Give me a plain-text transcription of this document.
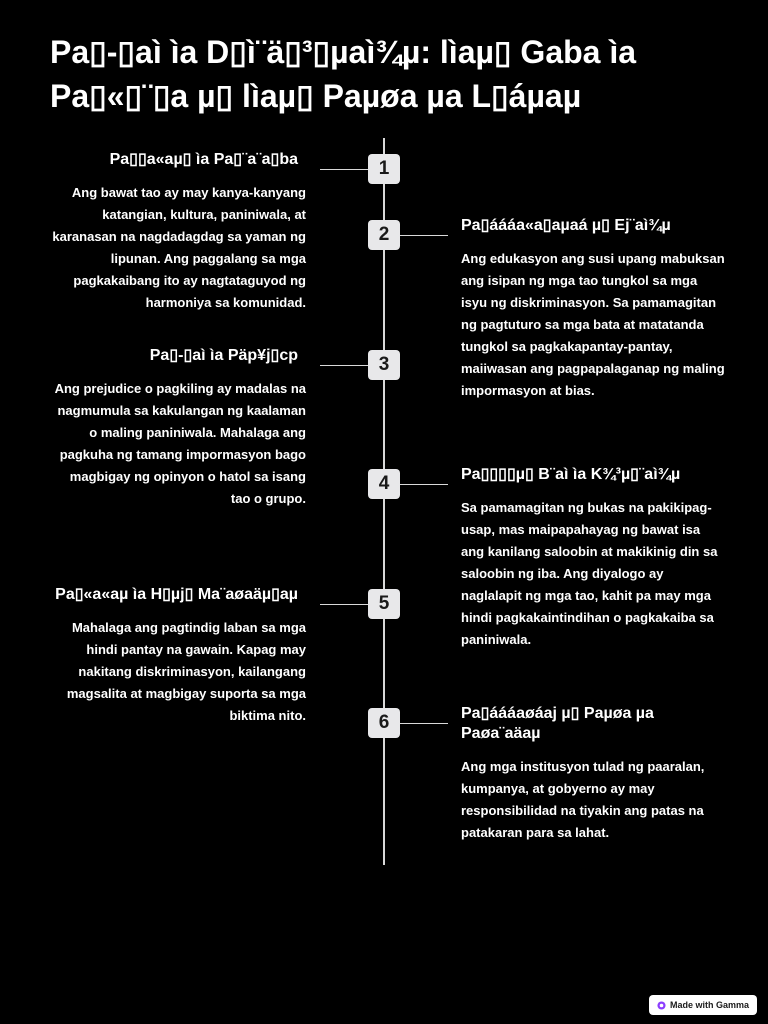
Pa▯-▯aì ìa D▯ì¨ä▯³▯µaì¾µ: lìaµ▯ Gaba ìa Pa▯«▯¨▯a µ▯ lìaµ▯ Paµøa µa L▯áµaµ
1
Pa▯▯a«aµ▯ ìa Pa▯¨a¨a▯ba

Ang bawat tao ay may kanya-kanyang katangian, kultura, paniniwala, at karanasan na nagdadagdag sa yaman ng lipunan. Ang paggalang sa mga pagkakaibang ito ay nagtataguyod ng harmoniya sa komunidad.

2	Pa▯áááa«a▯aµaá µ▯ Ej¨aì¾µ

Ang edukasyon ang susi upang mabuksan ang isipan ng mga tao tungkol sa mga isyu ng diskriminasyon. Sa pamamagitan ng pagtuturo sa mga bata at matatanda tungkol sa pagkakapantay-pantay, maiiwasan ang pagpapalaganap ng maling impormasyon at bias.

3
Pa▯-▯aì ìa Päp¥j▯cp

Ang prejudice o pagkiling ay madalas na nagmumula sa kakulangan ng kaalaman o maling paniniwala. Mahalaga ang pagkuha ng tamang impormasyon bago magbigay ng opinyon o hatol sa isang tao o grupo.

4	Pa▯▯▯▯µ▯ B¨aì ìa K¾³µ▯¨aì¾µ

Sa pamamagitan ng bukas na pakikipag-usap, mas maipapahayag ng bawat isa ang kanilang saloobin at makikinig din sa saloobin ng iba. Ang diyalogo ay naglalapit ng mga tao, kahit pa may mga hindi pagkakaintindihan o pagkakaiba sa paniniwala.

5
Pa▯«a«aµ ìa H▯µj▯ Ma¨aøaäµ▯aµ

Mahalaga ang pagtindig laban sa mga hindi pantay na gawain. Kapag may nakitang diskriminasyon, kailangang magsalita at magbigay suporta sa mga biktima nito.	6	Pa▯áááaøáaj µ▯ Paµøa µa Paøa¨aäaµ

Ang mga institusyon tulad ng paaralan, kumpanya, at gobyerno ay may responsibilidad na tiyakin ang patas na patakaran para sa lahat.

Made with Gamma
